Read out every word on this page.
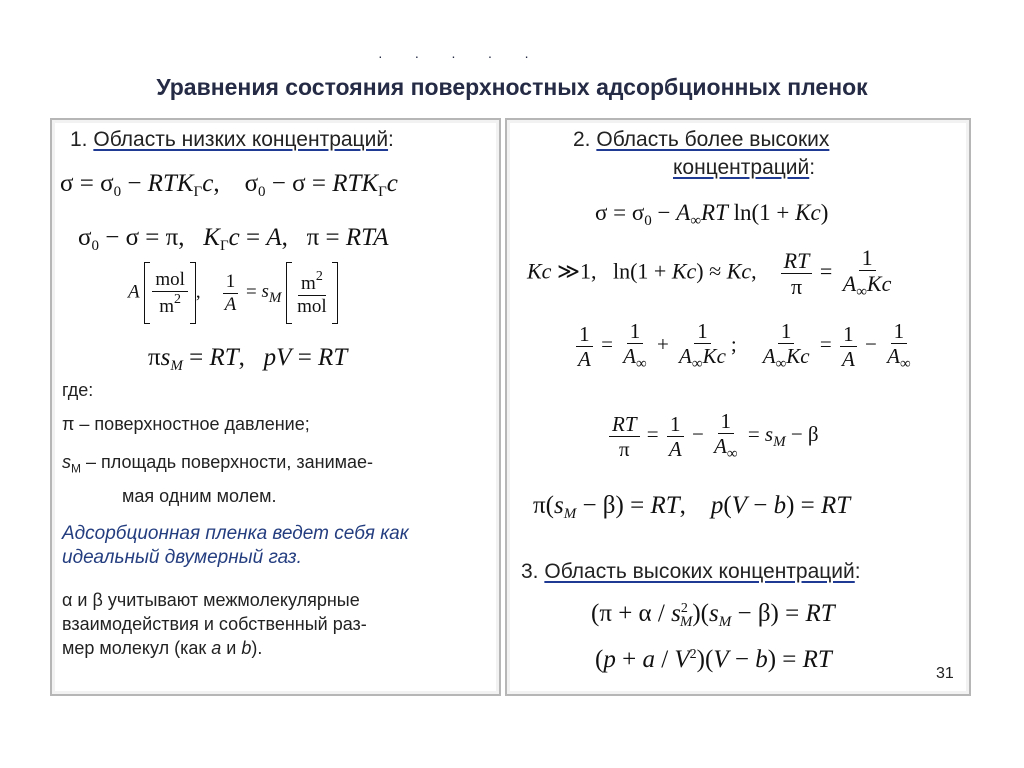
· · · · ·
Уравнения состояния поверхностных адсорбционных пленок
1. Область низких концентраций:
$\sigma = \sigma_0 - RTK_Гc$,    $\sigma_0 - \sigma = RTK_Гc$
$\sigma_0 - \sigma = \pi$,   $K_Гc = A$,   π = RTA
A $\frac{\text{mol}}{m^2}$ , $\frac{1}{A} = s_M \frac{m^2}{\text{mol}}$
$\pi s_M$ = RT,   pV = RT
где:
π – поверхностное давление;
$s_M$ – площадь поверхности, занимае-
мая одним молем.
Адсорбционная пленка ведет себя как идеальный двумерный газ.
α и β учитывают межмолекулярные
взаимодействия и собственный раз-
мер молекул (как a и b).
2. Область более высоких
концентраций:
$\sigma = \sigma_0 - A_\infty RT$ ln(1 + Kc)
Kc ≫1,   ln(1 + Kc) ≈ Kc, $\frac{RT}{\pi} = \frac{1}{A_\infty Kc}$
$\frac{1}{A} = \frac{1}{A_\infty} + \frac{1}{A_\infty Kc}$ ; $\frac{1}{A_\infty Kc} = \frac{1}{A} - \frac{1}{A_\infty}$
$\frac{RT}{\pi} = \frac{1}{A} - \frac{1}{A_\infty} = s_M - \beta$
$\pi(s_M - \beta)$ = RT,    p(V − b) = RT
3. Область высоких концентраций:
$(\pi + \alpha / s^2_M)(s_M - \beta)$ = RT
$(p + a / V^2)(V - b)$ = RT
31
